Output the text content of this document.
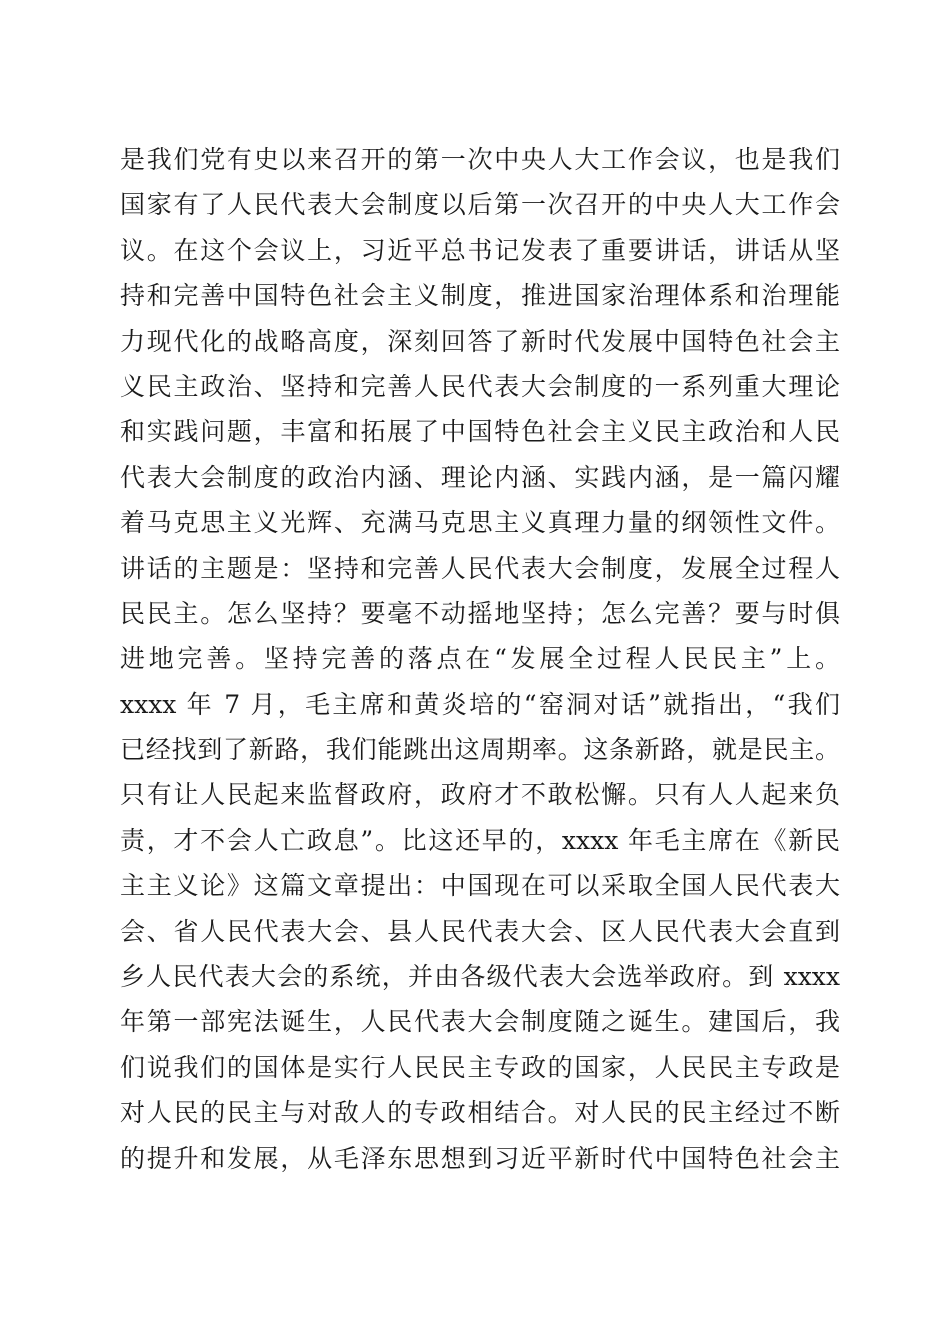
是我们党有史以来召开的第一次中央人大工作会议，也是我们
国家有了人民代表大会制度以后第一次召开的中央人大工作会
议。在这个会议上，习近平总书记发表了重要讲话，讲话从坚
持和完善中国特色社会主义制度，推进国家治理体系和治理能
力现代化的战略高度，深刻回答了新时代发展中国特色社会主
义民主政治、坚持和完善人民代表大会制度的一系列重大理论
和实践问题，丰富和拓展了中国特色社会主义民主政治和人民
代表大会制度的政治内涵、理论内涵、实践内涵，是一篇闪耀
着马克思主义光辉、充满马克思主义真理力量的纲领性文件。
讲话的主题是：坚持和完善人民代表大会制度，发展全过程人
民民主。怎么坚持？要毫不动摇地坚持；怎么完善？要与时俱
进地完善。坚持完善的落点在“发展全过程人民民主”上。
xxxx 年 7 月，毛主席和黄炎培的“窑洞对话”就指出，“我们
已经找到了新路，我们能跳出这周期率。这条新路，就是民主。
只有让人民起来监督政府，政府才不敢松懈。只有人人起来负
责，才不会人亡政息”。比这还早的，xxxx 年毛主席在《新民
主主义论》这篇文章提出：中国现在可以采取全国人民代表大
会、省人民代表大会、县人民代表大会、区人民代表大会直到
乡人民代表大会的系统，并由各级代表大会选举政府。到 xxxx
年第一部宪法诞生，人民代表大会制度随之诞生。建国后，我
们说我们的国体是实行人民民主专政的国家，人民民主专政是
对人民的民主与对敌人的专政相结合。对人民的民主经过不断
的提升和发展，从毛泽东思想到习近平新时代中国特色社会主
